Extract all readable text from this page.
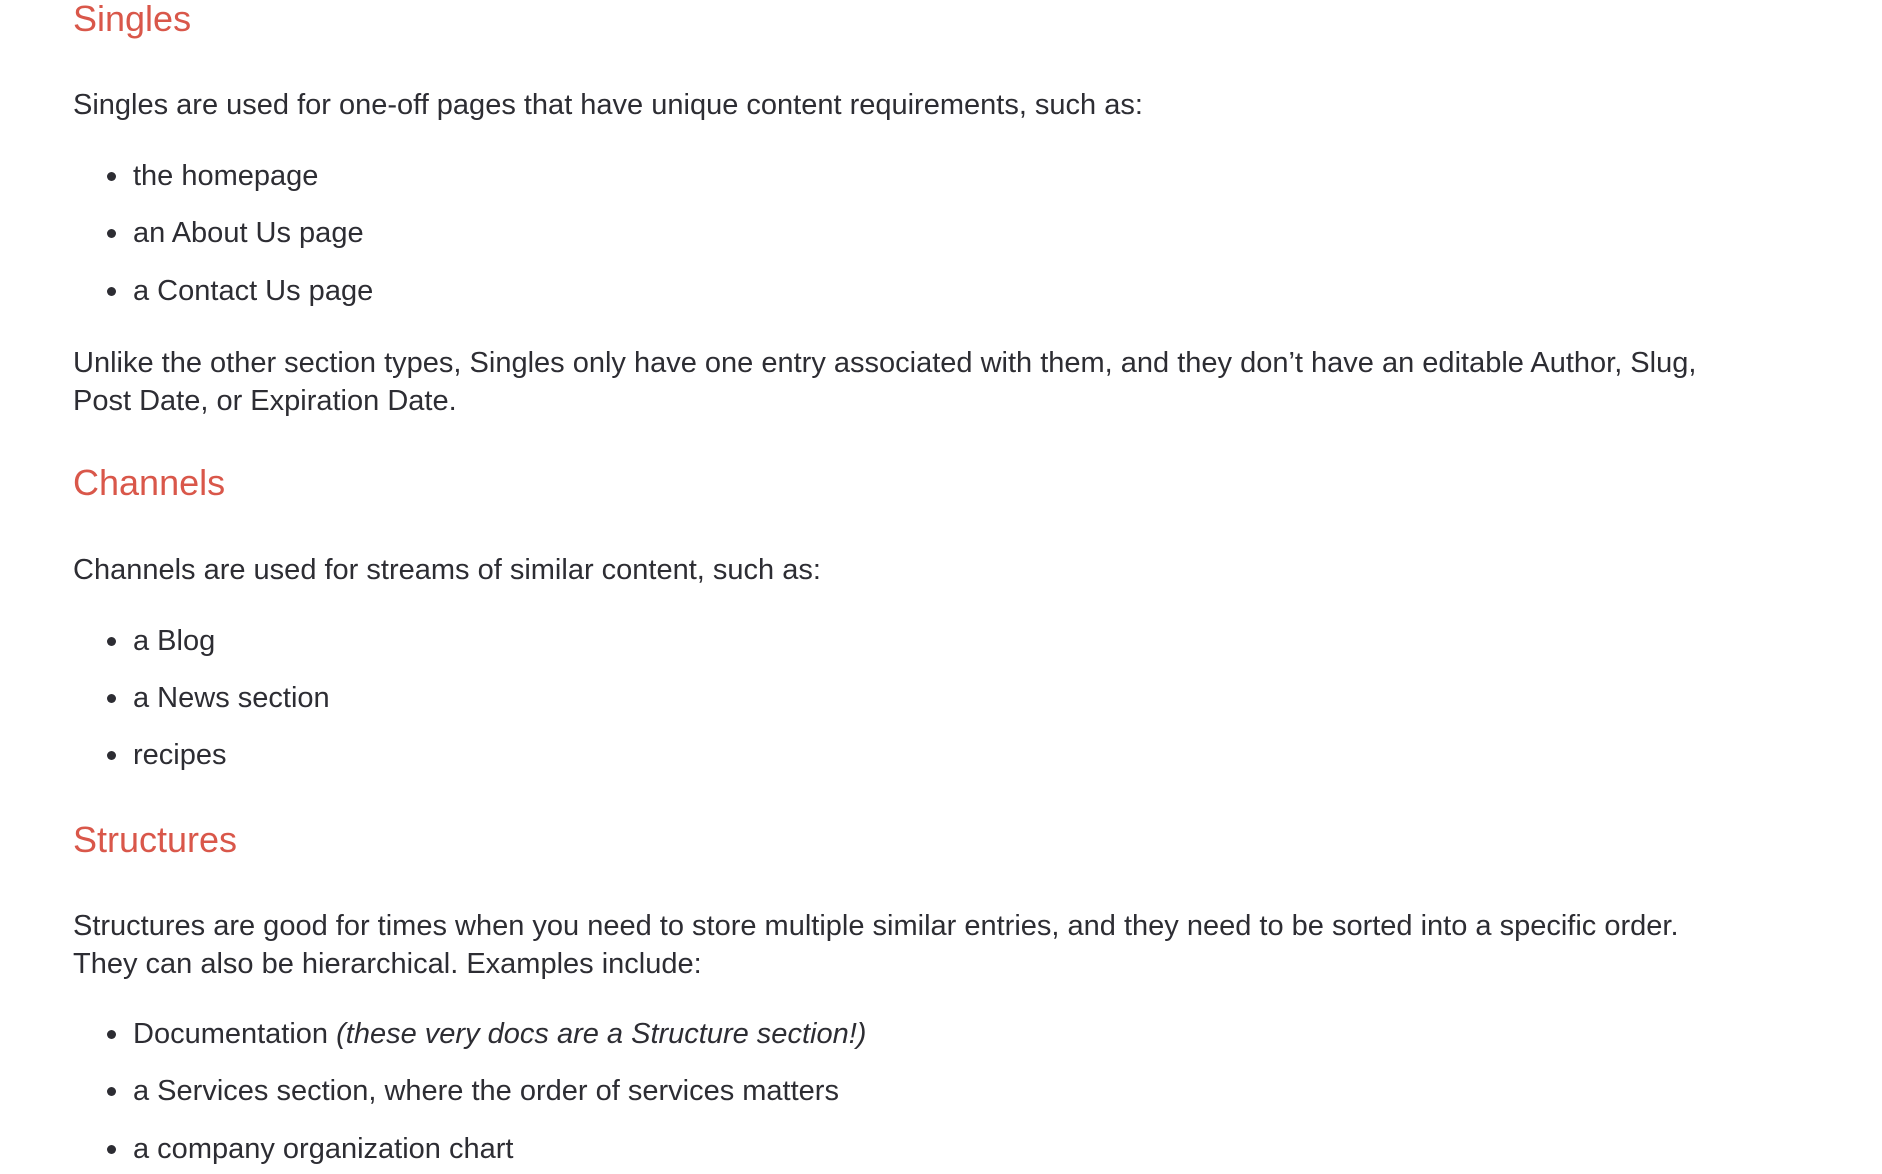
Singles

Singles are used for one-off pages that have unique content requirements, such as:

the homepage
an About Us page
a Contact Us page

Unlike the other section types, Singles only have one entry associated with them, and they don’t have an editable Author, Slug,

Post Date, or Expiration Date.

Channels

Channels are used for streams of similar content, such as:

a Blog
a News section
recipes
Structures

Structures are good for times when you need to store multiple similar entries, and they need to be sorted into a specific order.

They can also be hierarchical. Examples include:

Documentation (these very docs are a Structure section!)
a Services section, where the order of services matters
a company organization chart
